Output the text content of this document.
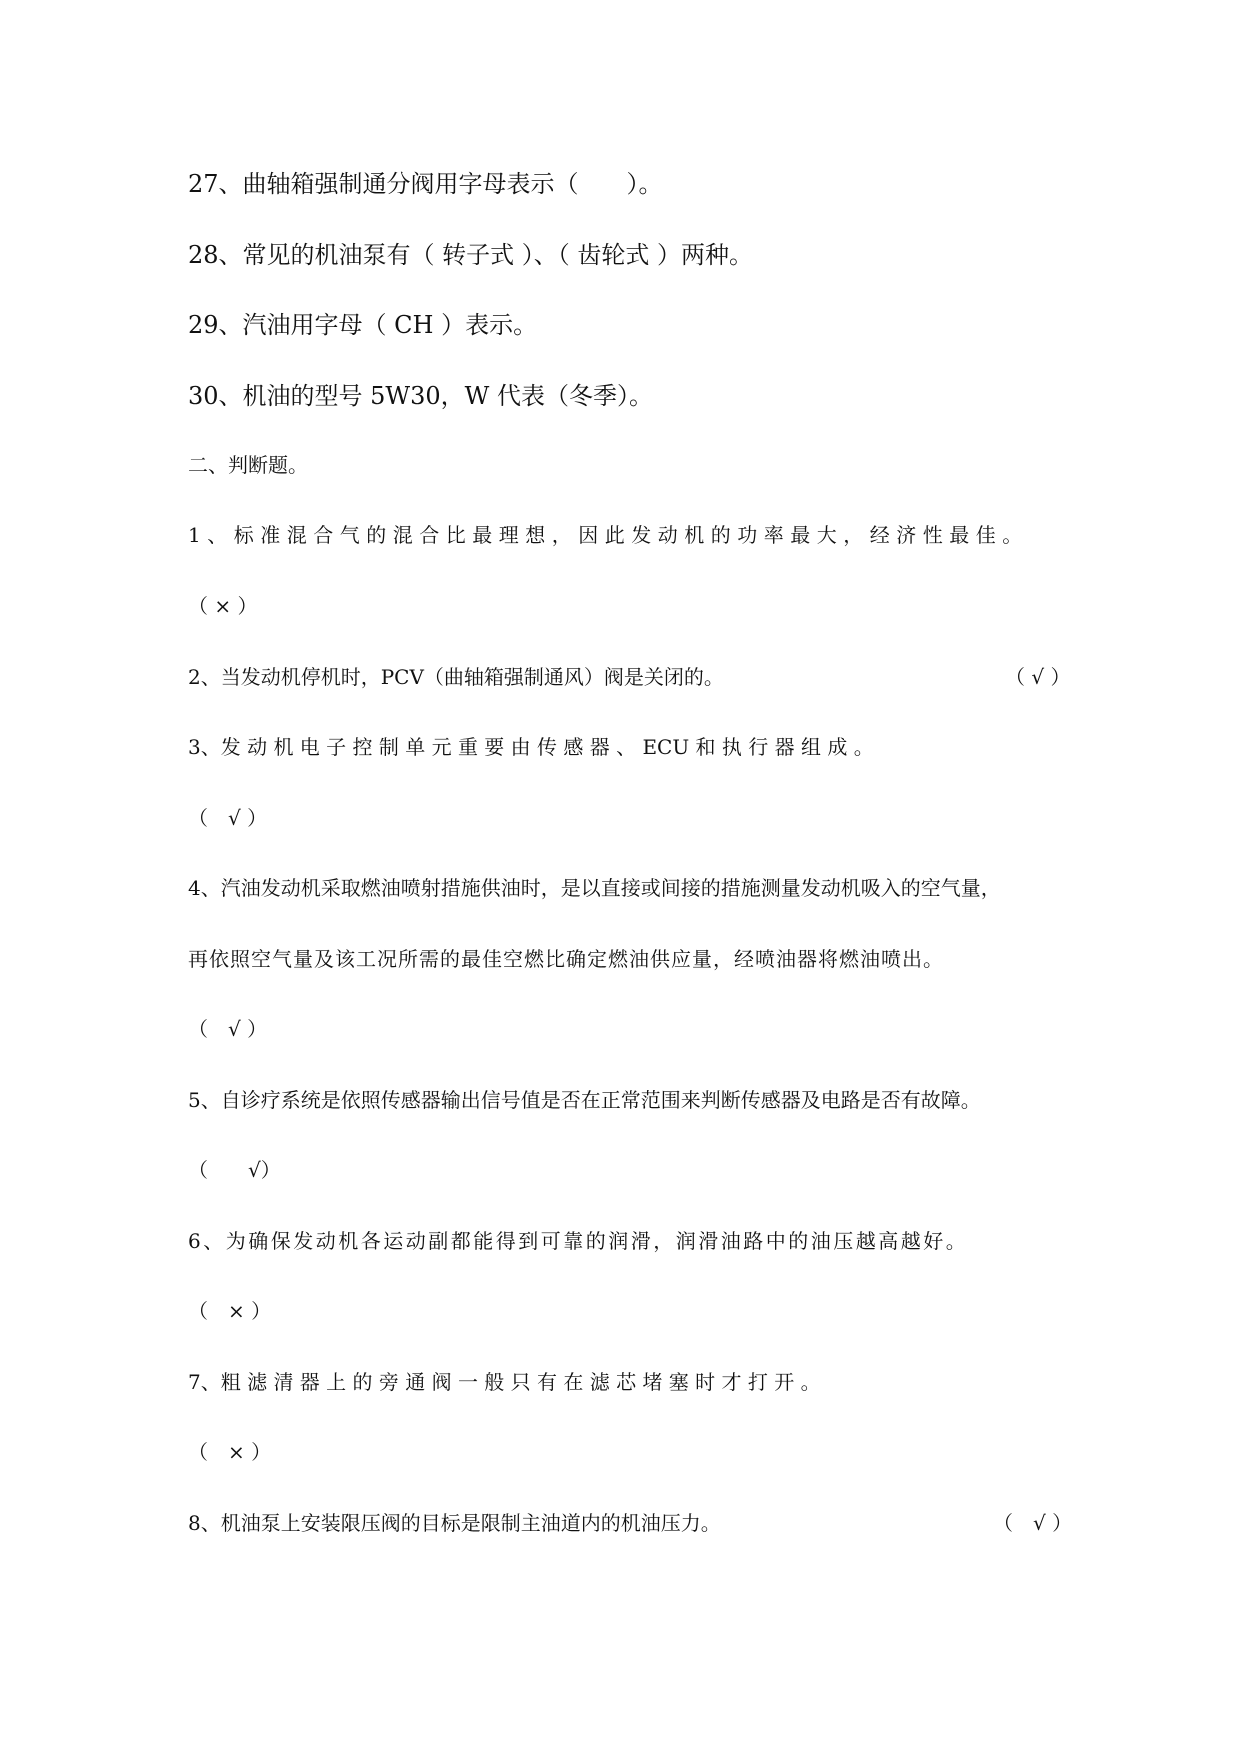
27、曲轴箱强制通分阀用字母表示（　　）。
28、常见的机油泵有（ 转子式 ）、（ 齿轮式 ）两种。
29、汽油用字母（ CH ）表示。
30、机油的型号 5W30，W 代表（冬季）。
二、判断题。
1、标准混合气的混合比最理想，因此发动机的功率最大，经济性最佳。
（ × ）
2、当发动机停机时，PCV（曲轴箱强制通风）阀是关闭的。	（ √ ）
3、发 动 机 电 子 控 制 单 元 重 要 由 传 感 器 、 ECU 和 执 行 器 组 成 。
（　√ ）
4、汽油发动机采取燃油喷射措施供油时，是以直接或间接的措施测量发动机吸入的空气量，
再依照空气量及该工况所需的最佳空燃比确定燃油供应量，经喷油器将燃油喷出。
（　√ ）
5、自诊疗系统是依照传感器输出信号值是否在正常范围来判断传感器及电路是否有故障。
（　　√）
6、为确保发动机各运动副都能得到可靠的润滑，润滑油路中的油压越高越好。
（　× ）
7、粗 滤 清 器 上 的 旁 通 阀 一 般 只 有 在 滤 芯 堵 塞 时 才 打 开 。
（　× ）
8、机油泵上安装限压阀的目标是限制主油道内的机油压力。	（　√ ）
